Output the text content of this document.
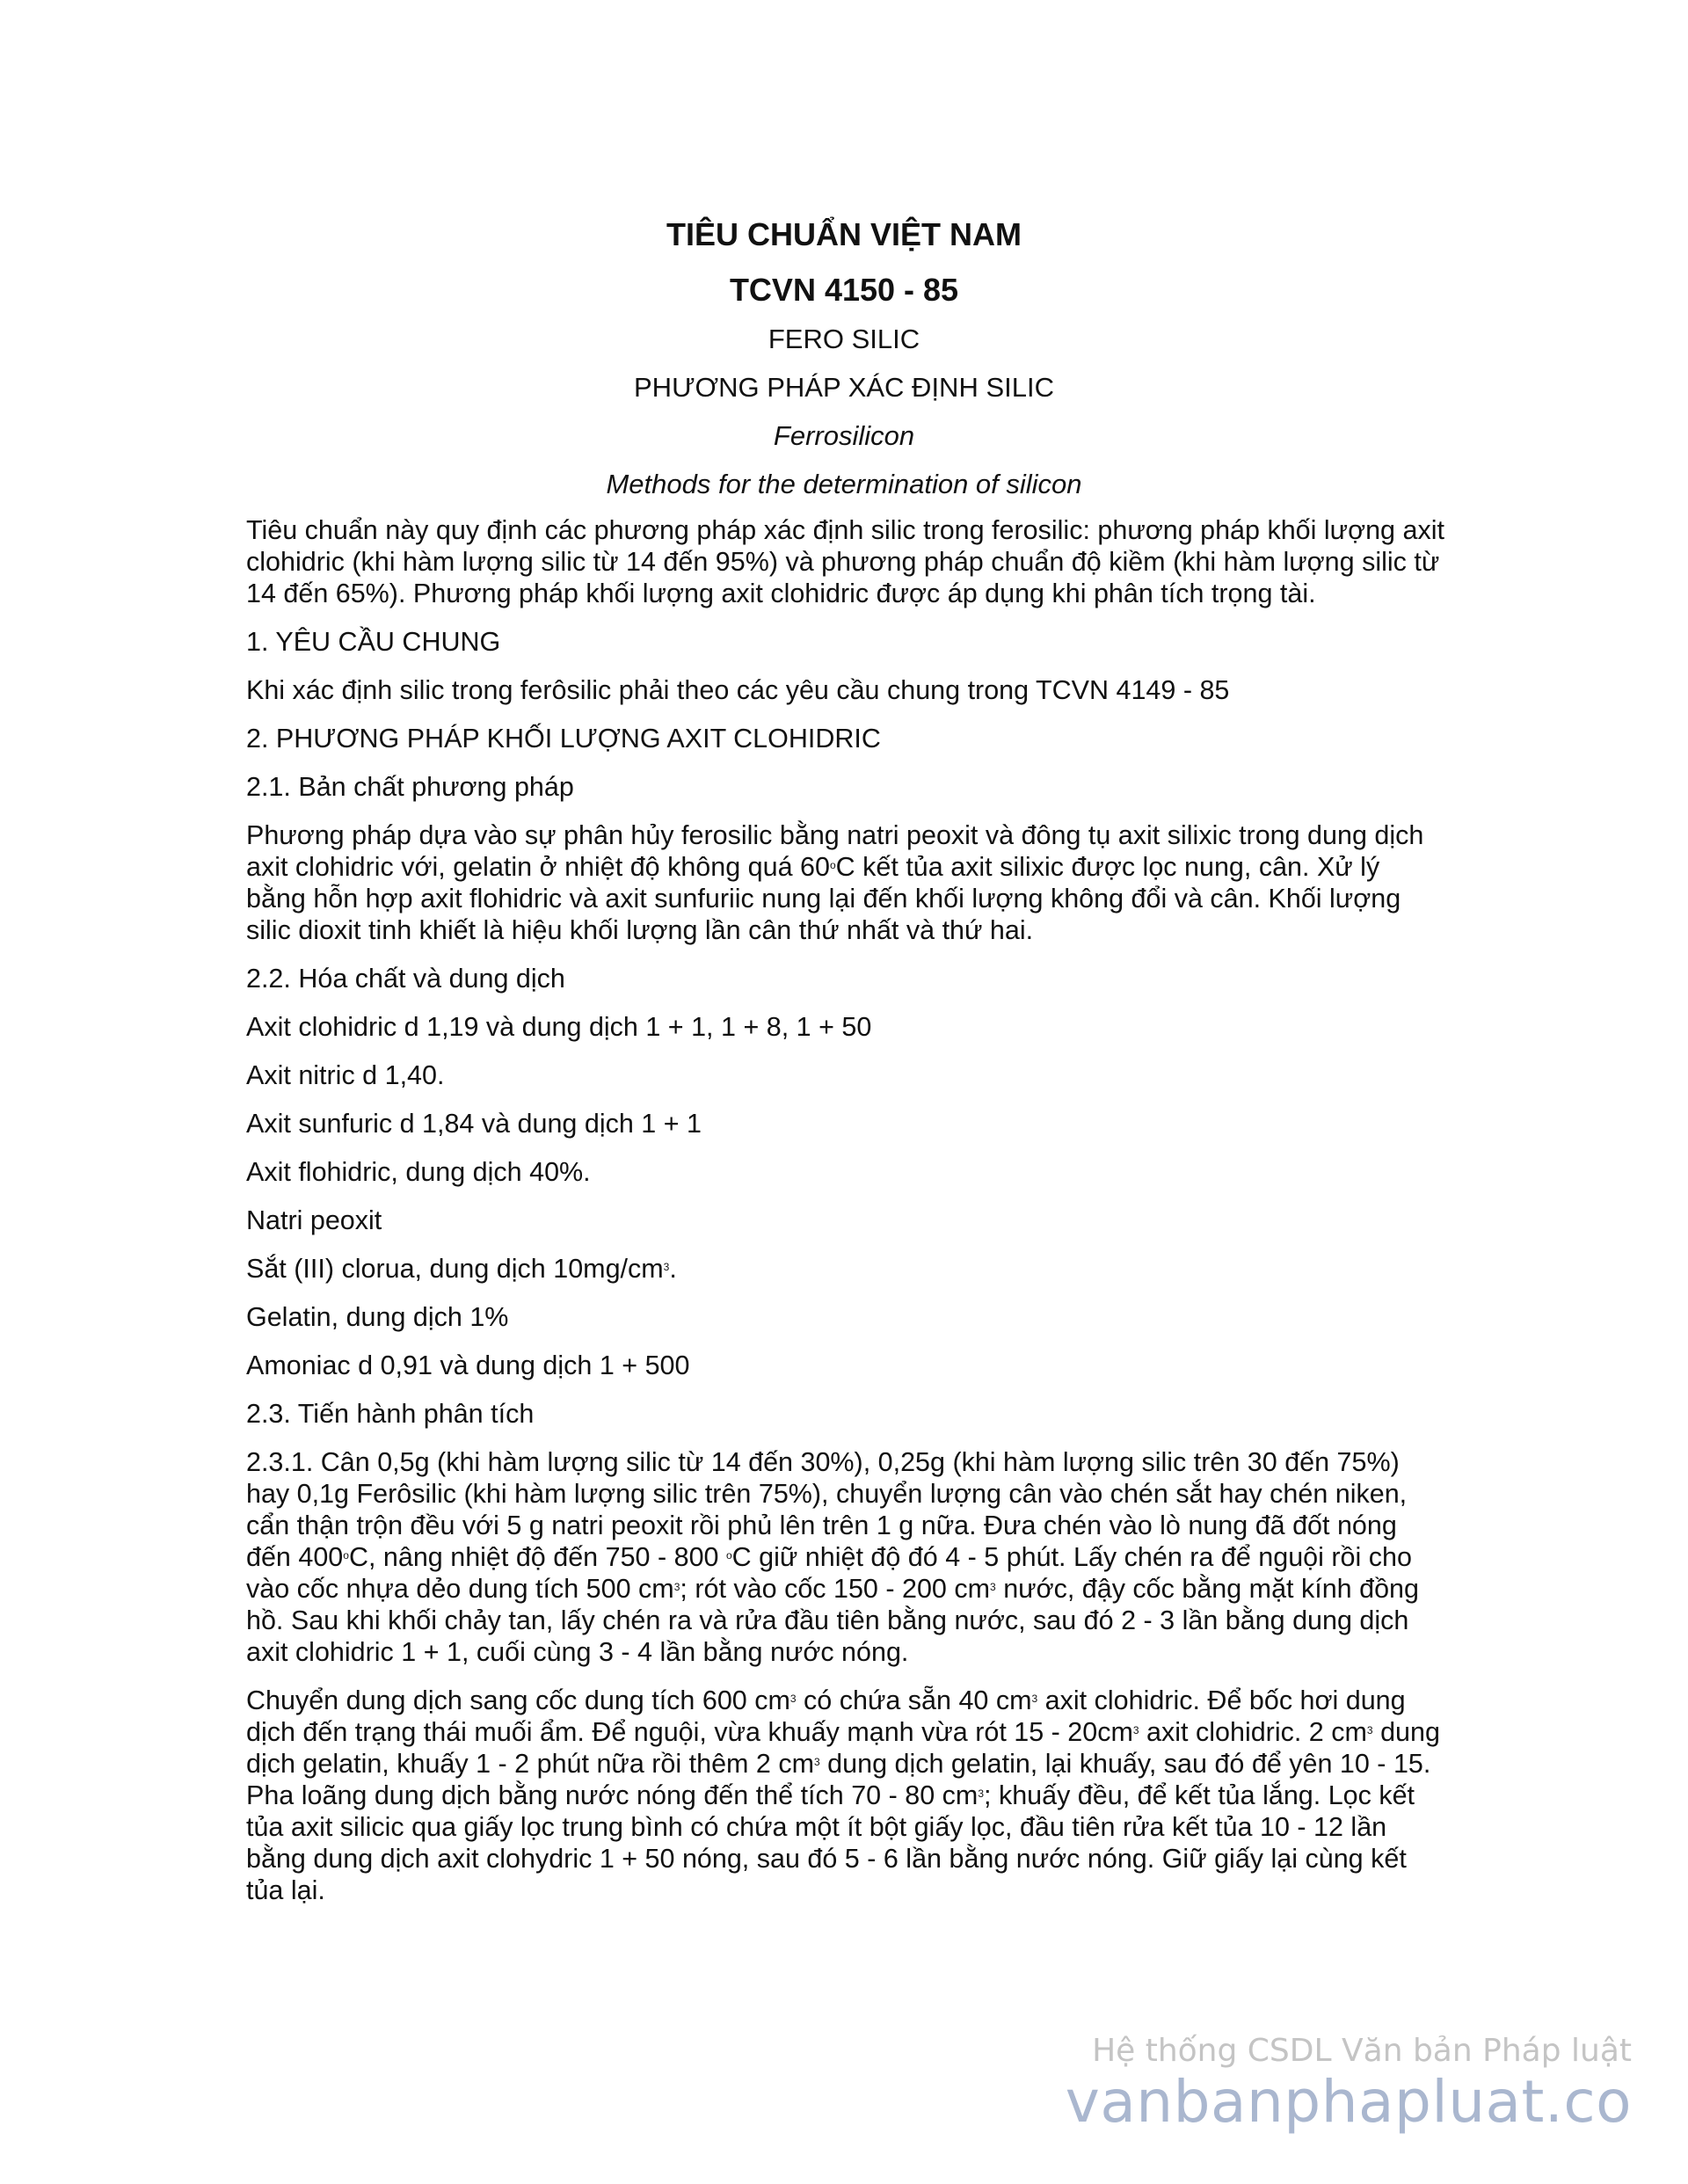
TIÊU CHUẨN VIỆT NAM
TCVN 4150 - 85
FERO SILIC
PHƯƠNG PHÁP XÁC ĐỊNH SILIC
Ferrosilicon
Methods for the determination of silicon

Tiêu chuẩn này quy định các phương pháp xác định silic trong ferosilic: phương pháp khối lượng axit clohidric (khi hàm lượng silic từ 14 đến 95%) và phương pháp chuẩn độ kiềm (khi hàm lượng silic từ 14 đến 65%). Phương pháp khối lượng axit clohidric được áp dụng khi phân tích trọng tài.

1. YÊU CẦU CHUNG

Khi xác định silic trong ferôsilic phải theo các yêu cầu chung trong TCVN 4149 - 85

2. PHƯƠNG PHÁP KHỐI LƯỢNG AXIT CLOHIDRIC

2.1. Bản chất phương pháp

Phương pháp dựa vào sự phân hủy ferosilic bằng natri peoxit và đông tụ axit silixic trong dung dịch axit clohidric với, gelatin ở nhiệt độ không quá 60$^o$C kết tủa axit silixic được lọc nung, cân. Xử lý bằng hỗn hợp axit flohidric và axit sunfuriic nung lại đến khối lượng không đổi và cân. Khối lượng silic dioxit tinh khiết là hiệu khối lượng lần cân thứ nhất và thứ hai.

2.2. Hóa chất và dung dịch

Axit clohidric d 1,19 và dung dịch 1 + 1, 1 + 8, 1 + 50

Axit nitric d 1,40.

Axit sunfuric d 1,84 và dung dịch 1 + 1

Axit flohidric, dung dịch 40%.

Natri peoxit

Sắt (III) clorua, dung dịch $10mg/cm^3$.

Gelatin, dung dịch 1%

Amoniac d 0,91 và dung dịch 1 + 500

2.3. Tiến hành phân tích

2.3.1. Cân 0,5g (khi hàm lượng silic từ 14 đến 30%), 0,25g (khi hàm lượng silic trên 30 đến 75%) hay 0,1g Ferôsilic (khi hàm lượng silic trên 75%), chuyển lượng cân vào chén sắt hay chén niken, cẩn thận trộn đều với 5 g natri peoxit rồi phủ lên trên 1 g nữa. Đưa chén vào lò nung đã đốt nóng đến 400$^o$C, nâng nhiệt độ đến 750 - 800 $^o$C giữ nhiệt độ đó 4 - 5 phút. Lấy chén ra để nguội rồi cho vào cốc nhựa dẻo dung tích 500 $cm^3$; rót vào cốc 150 - 200 $cm^3$ nước, đậy cốc bằng mặt kính đồng hồ. Sau khi khối chảy tan, lấy chén ra và rửa đầu tiên bằng nước, sau đó 2 - 3 lần bằng dung dịch axit clohidric 1 + 1, cuối cùng 3 - 4 lần bằng nước nóng.

Chuyển dung dịch sang cốc dung tích 600 $cm^3$ có chứa sẵn 40 $cm^3$ axit clohidric. Để bốc hơi dung dịch đến trạng thái muối ẩm. Để nguội, vừa khuấy mạnh vừa rót $15 - 20cm^3$ axit clohidric. 2 $cm^3$ dung dịch gelatin, khuấy 1 - 2 phút nữa rồi thêm 2 $cm^3$ dung dịch gelatin, lại khuấy, sau đó để yên 10 - 15. Pha loãng dung dịch bằng nước nóng đến thể tích 70 - 80 $cm^3$; khuấy đều, để kết tủa lắng. Lọc kết tủa axit silicic qua giấy lọc trung bình có chứa một ít bột giấy lọc, đầu tiên rửa kết tủa 10 - 12 lần bằng dung dịch axit clohydric 1 + 50 nóng, sau đó 5 - 6 lần bằng nước nóng. Giữ giấy lại cùng kết tủa lại.

Hệ thống CSDL Văn bản Pháp luật
vanbanphapluat.co
